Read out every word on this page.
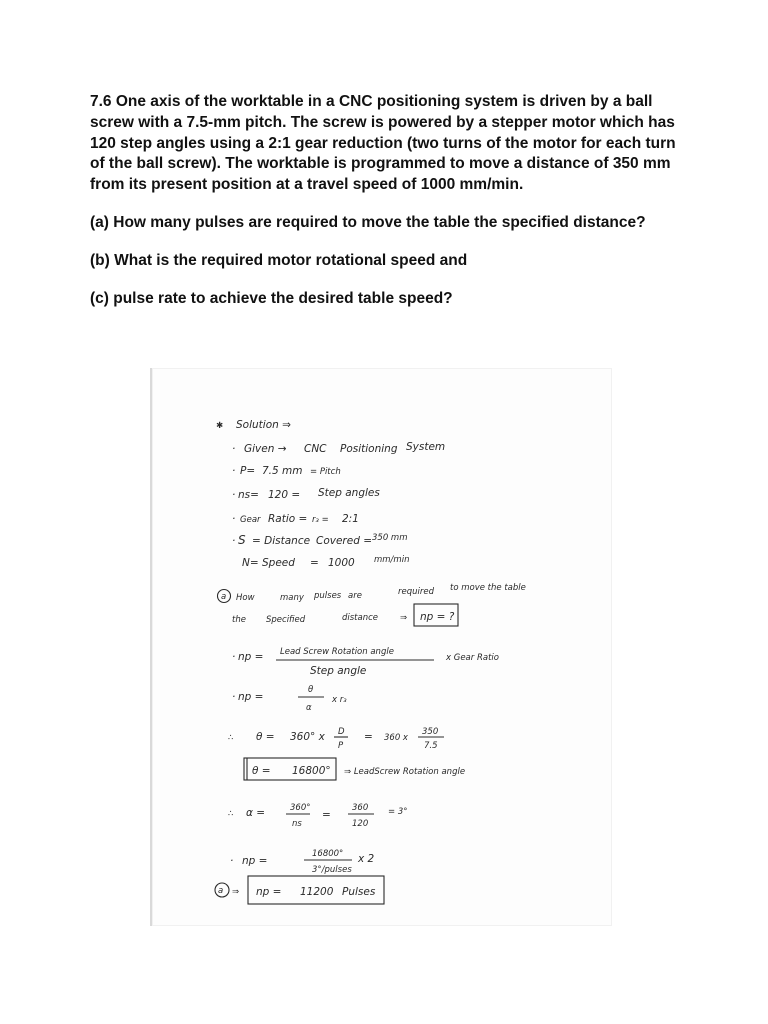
7.6 One axis of the worktable in a CNC positioning system is driven by a ball screw with a 7.5-mm pitch. The screw is powered by a stepper motor which has 120 step angles using a 2:1 gear reduction (two turns of the motor for each turn of the ball screw). The worktable is programmed to move a distance of 350 mm from its present position at a travel speed of 1000 mm/min.

(a) How many pulses are required to move the table the specified distance?

(b) What is the required motor rotational speed and

(c) pulse rate to achieve the desired table speed?

✱ Solution ⇒
· Given → CNC Positioning System
· P= 7.5 mm = Pitch
· ns= 120 = Step angles
· Gear Ratio = r₃ = 2:1
· S = Distance Covered = 350 mm
N= Speed = 1000 mm/min
a How	many pulses are	required to move the table
the Specified	distance	⇒ np = ?
· np = Lead Screw Rotation angle
Step angle
x Gear Ratio
· np =
θ
α
x r₃
∴ θ = 360° x D
P
= 360 x
350
7.5
θ = 16800° ⇒ LeadScrew Rotation angle
∴ α =	360°
ns
=
360
120
= 3°
· np =
16800°
3°/pulses
x 2
a ⇒ np = 11200 Pulses
